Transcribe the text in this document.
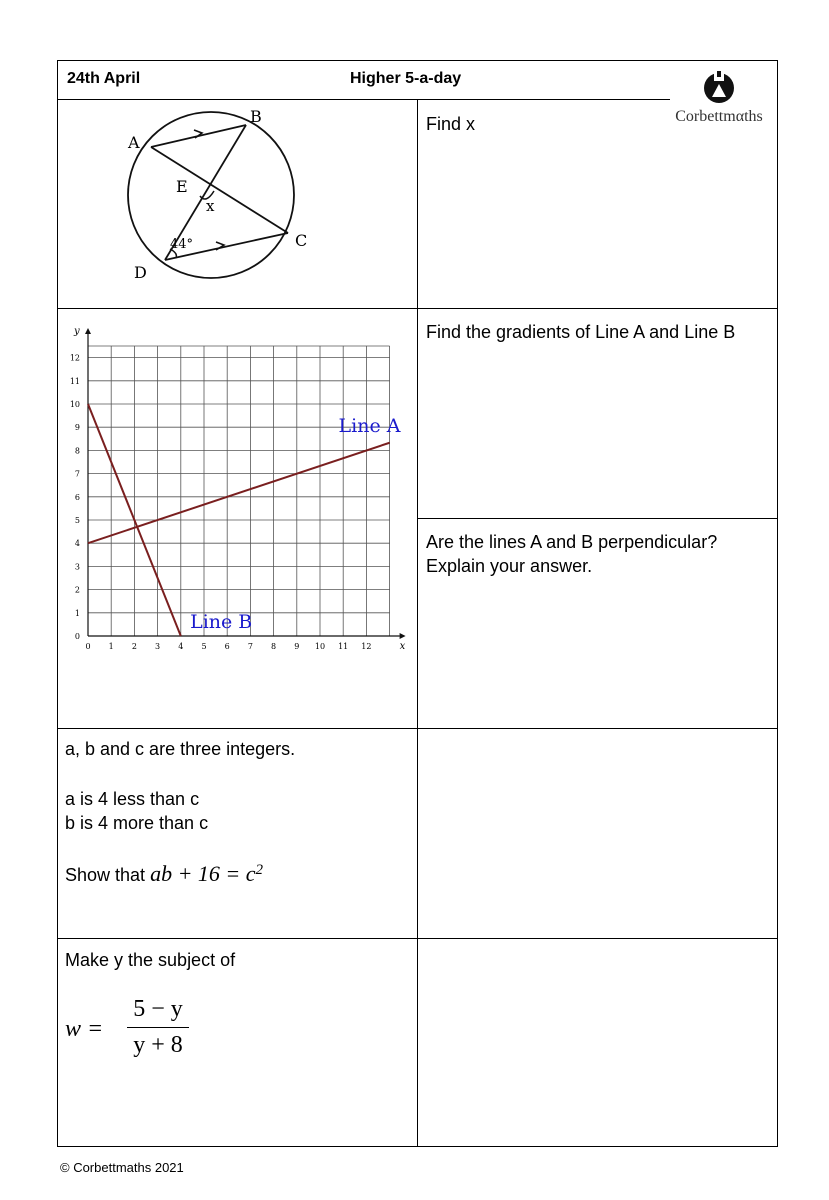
24th April	Higher 5-a-day
Find x
Find the gradients of Line A and Line B
Are the lines A and B perpendicular?
Explain your answer.
a, b and c are three integers.
a is 4 less than c
b is 4 more than c
Show that ab + $16 = c^2$
Make y the subject of
w =
5 − y
y + 8
Corbettmαths
A
B
C
D
E
x
44°
0 1 2 3 4 5 6 7 8 9 10 11 12
0
1
2
3
4
5
6
7
8
9
10
11
12
Line A
Line B
x
y
© Corbettmaths 2021
